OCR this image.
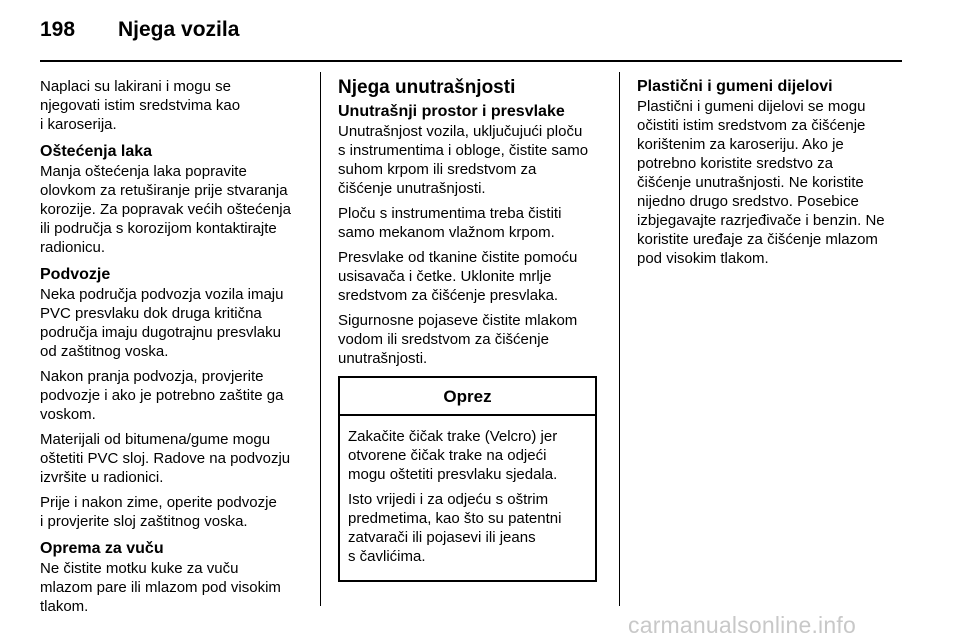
198 Njega vozila

Naplaci su lakirani i mogu se
njegovati istim sredstvima kao
i karoserija.

Oštećenja laka

Manja oštećenja laka popravite
olovkom za retuširanje prije stvaranja
korozije. Za popravak većih oštećenja
ili područja s korozijom kontaktirajte
radionicu.

Podvozje

Neka područja podvozja vozila imaju
PVC presvlaku dok druga kritična
područja imaju dugotrajnu presvlaku
od zaštitnog voska.

Nakon pranja podvozja, provjerite
podvozje i ako je potrebno zaštite ga
voskom.

Materijali od bitumena/gume mogu
oštetiti PVC sloj. Radove na podvozju
izvršite u radionici.

Prije i nakon zime, operite podvozje
i provjerite sloj zaštitnog voska.

Oprema za vuču

Ne čistite motku kuke za vuču
mlazom pare ili mlazom pod visokim
tlakom.

Njega unutrašnjosti
Unutrašnji prostor i presvlake

Unutrašnjost vozila, uključujući ploču
s instrumentima i obloge, čistite samo
suhom krpom ili sredstvom za
čišćenje unutrašnjosti.

Ploču s instrumentima treba čistiti
samo mekanom vlažnom krpom.

Presvlake od tkanine čistite pomoću
usisavača i četke. Uklonite mrlje
sredstvom za čišćenje presvlaka.

Sigurnosne pojaseve čistite mlakom
vodom ili sredstvom za čišćenje
unutrašnjosti.

Oprez

Zakačite čičak trake (Velcro) jer
otvorene čičak trake na odjeći
mogu oštetiti presvlaku sjedala.

Isto vrijedi i za odjeću s oštrim
predmetima, kao što su patentni
zatvarači ili pojasevi ili jeans
s čavlićima.

Plastični i gumeni dijelovi

Plastični i gumeni dijelovi se mogu
očistiti istim sredstvom za čišćenje
korištenim za karoseriju. Ako je
potrebno koristite sredstvo za
čišćenje unutrašnjosti. Ne koristite
nijedno drugo sredstvo. Posebice
izbjegavajte razrjeđivače i benzin. Ne
koristite uređaje za čišćenje mlazom
pod visokim tlakom.

carmanualsonline.info
